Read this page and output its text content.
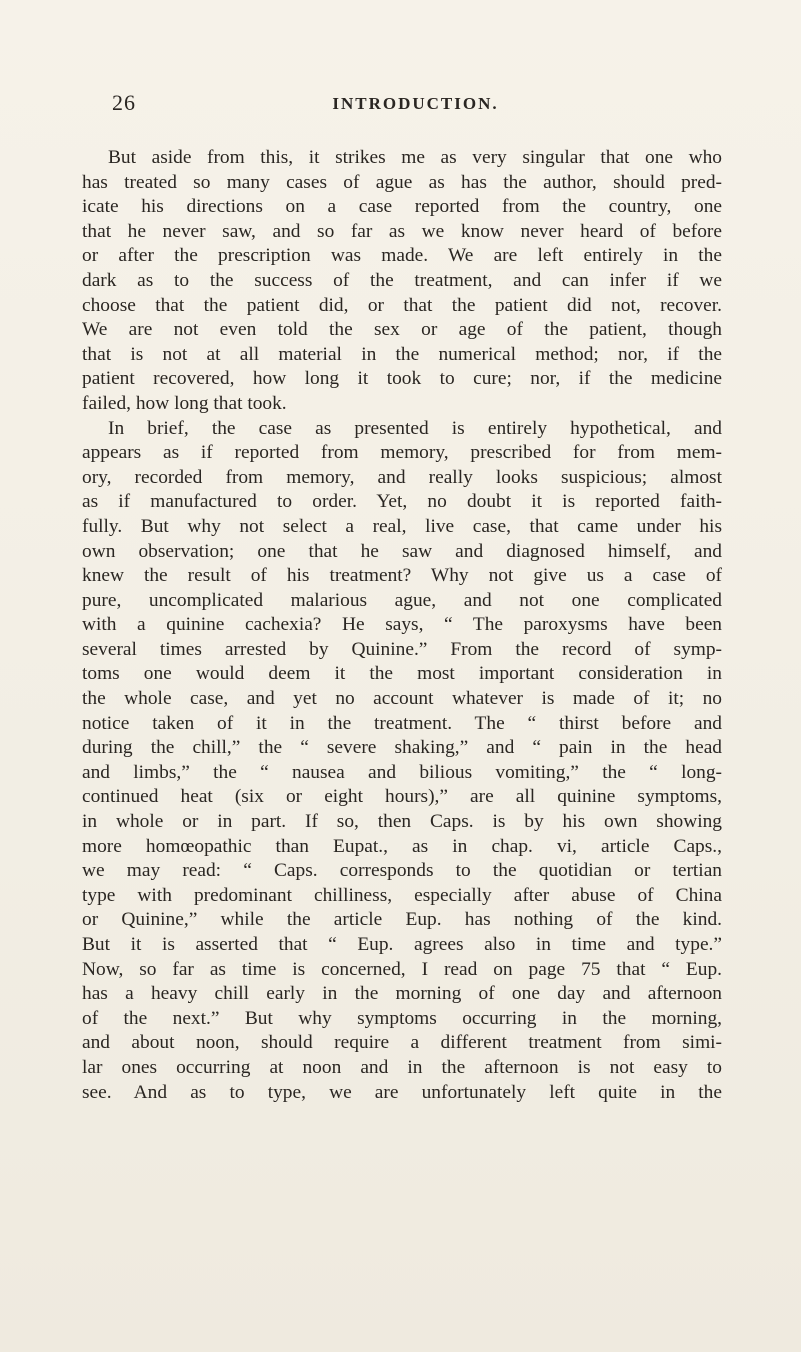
26	INTRODUCTION.
But aside from this, it strikes me as very singular that one who
has treated so many cases of ague as has the author, should pred-
icate his directions on a case reported from the country, one
that he never saw, and so far as we know never heard of before
or after the prescription was made. We are left entirely in the
dark as to the success of the treatment, and can infer if we
choose that the patient did, or that the patient did not, recover.
We are not even told the sex or age of the patient, though
that is not at all material in the numerical method; nor, if the
patient recovered, how long it took to cure; nor, if the medicine
failed, how long that took.
In brief, the case as presented is entirely hypothetical, and
appears as if reported from memory, prescribed for from mem-
ory, recorded from memory, and really looks suspicious; almost
as if manufactured to order. Yet, no doubt it is reported faith-
fully. But why not select a real, live case, that came under his
own observation; one that he saw and diagnosed himself, and
knew the result of his treatment? Why not give us a case of
pure, uncomplicated malarious ague, and not one complicated
with a quinine cachexia? He says, “ The paroxysms have been
several times arrested by Quinine.” From the record of symp-
toms one would deem it the most important consideration in
the whole case, and yet no account whatever is made of it; no
notice taken of it in the treatment. The “ thirst before and
during the chill,” the “ severe shaking,” and “ pain in the head
and limbs,” the “ nausea and bilious vomiting,” the “ long-
continued heat (six or eight hours),” are all quinine symptoms,
in whole or in part. If so, then Caps. is by his own showing
more homœopathic than Eupat., as in chap. vi, article Caps.,
we may read: “ Caps. corresponds to the quotidian or tertian
type with predominant chilliness, especially after abuse of China
or Quinine,” while the article Eup. has nothing of the kind.
But it is asserted that “ Eup. agrees also in time and type.”
Now, so far as time is concerned, I read on page 75 that “ Eup.
has a heavy chill early in the morning of one day and afternoon
of the next.” But why symptoms occurring in the morning,
and about noon, should require a different treatment from simi-
lar ones occurring at noon and in the afternoon is not easy to
see. And as to type, we are unfortunately left quite in the
